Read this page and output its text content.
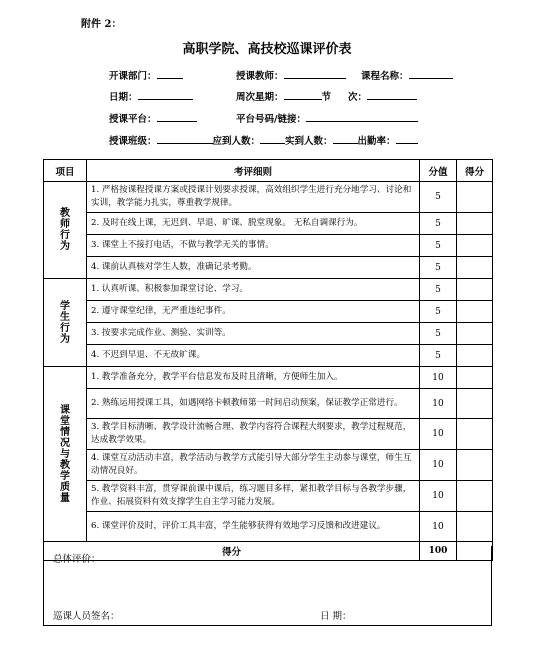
附件 2：
高职学院、高技校巡课评价表
开课部门：	授课教师：	课程名称：
日期：	周次星期：	节 次：
授课平台：	平台号码/链接：
授课班级：	应到人数：	实到人数：	出勤率：
项目	考评细则	分值	得分
教师行为	1. 严格按课程授课方案或授课计划要求授课，高效组织学生进行充分地学习、讨论和实训，教学能力扎实，尊重教学规律。	5	
	2. 及时在线上课，无迟到、早退、旷课、脱堂现象。 无私自调课行为。	5	
	3. 课堂上不接打电话，不做与教学无关的事情。	5	
	4. 课前认真核对学生人数，准确记录考勤。	5	
学生行为	1. 认真听课、积极参加课堂讨论、学习。	5	
	2. 遵守课堂纪律，无严重违纪事件。	5	
	3. 按要求完成作业、测验、实训等。	5	
	4. 不迟到早退、不无故旷课。	5	
课堂情况与教学质量	1. 教学准备充分，教学平台信息发布及时且清晰，方便师生加入。	10	
	2. 熟练运用授课工具，如遇网络卡顿教师第一时间启动预案，保证教学正常进行。	10	
	3. 教学目标清晰、教学设计流畅合理、教学内容符合课程大纲要求，教学过程规范，达成教学效果。	10	
	4. 课堂互动活动丰富，教学活动与教学方式能引导大部分学生主动参与课堂，师生互动情况良好。	10	
	5. 教学资料丰富，贯穿课前课中课后，练习题目多样，紧扣教学目标与各教学步骤，作业、拓展资料有效支撑学生自主学习能力发展。	10	
	6. 课堂评价及时，评价工具丰富，学生能够获得有效地学习反馈和改进建议。	10	
得分		100	
总体评价：
巡课人员签名：	日 期：
